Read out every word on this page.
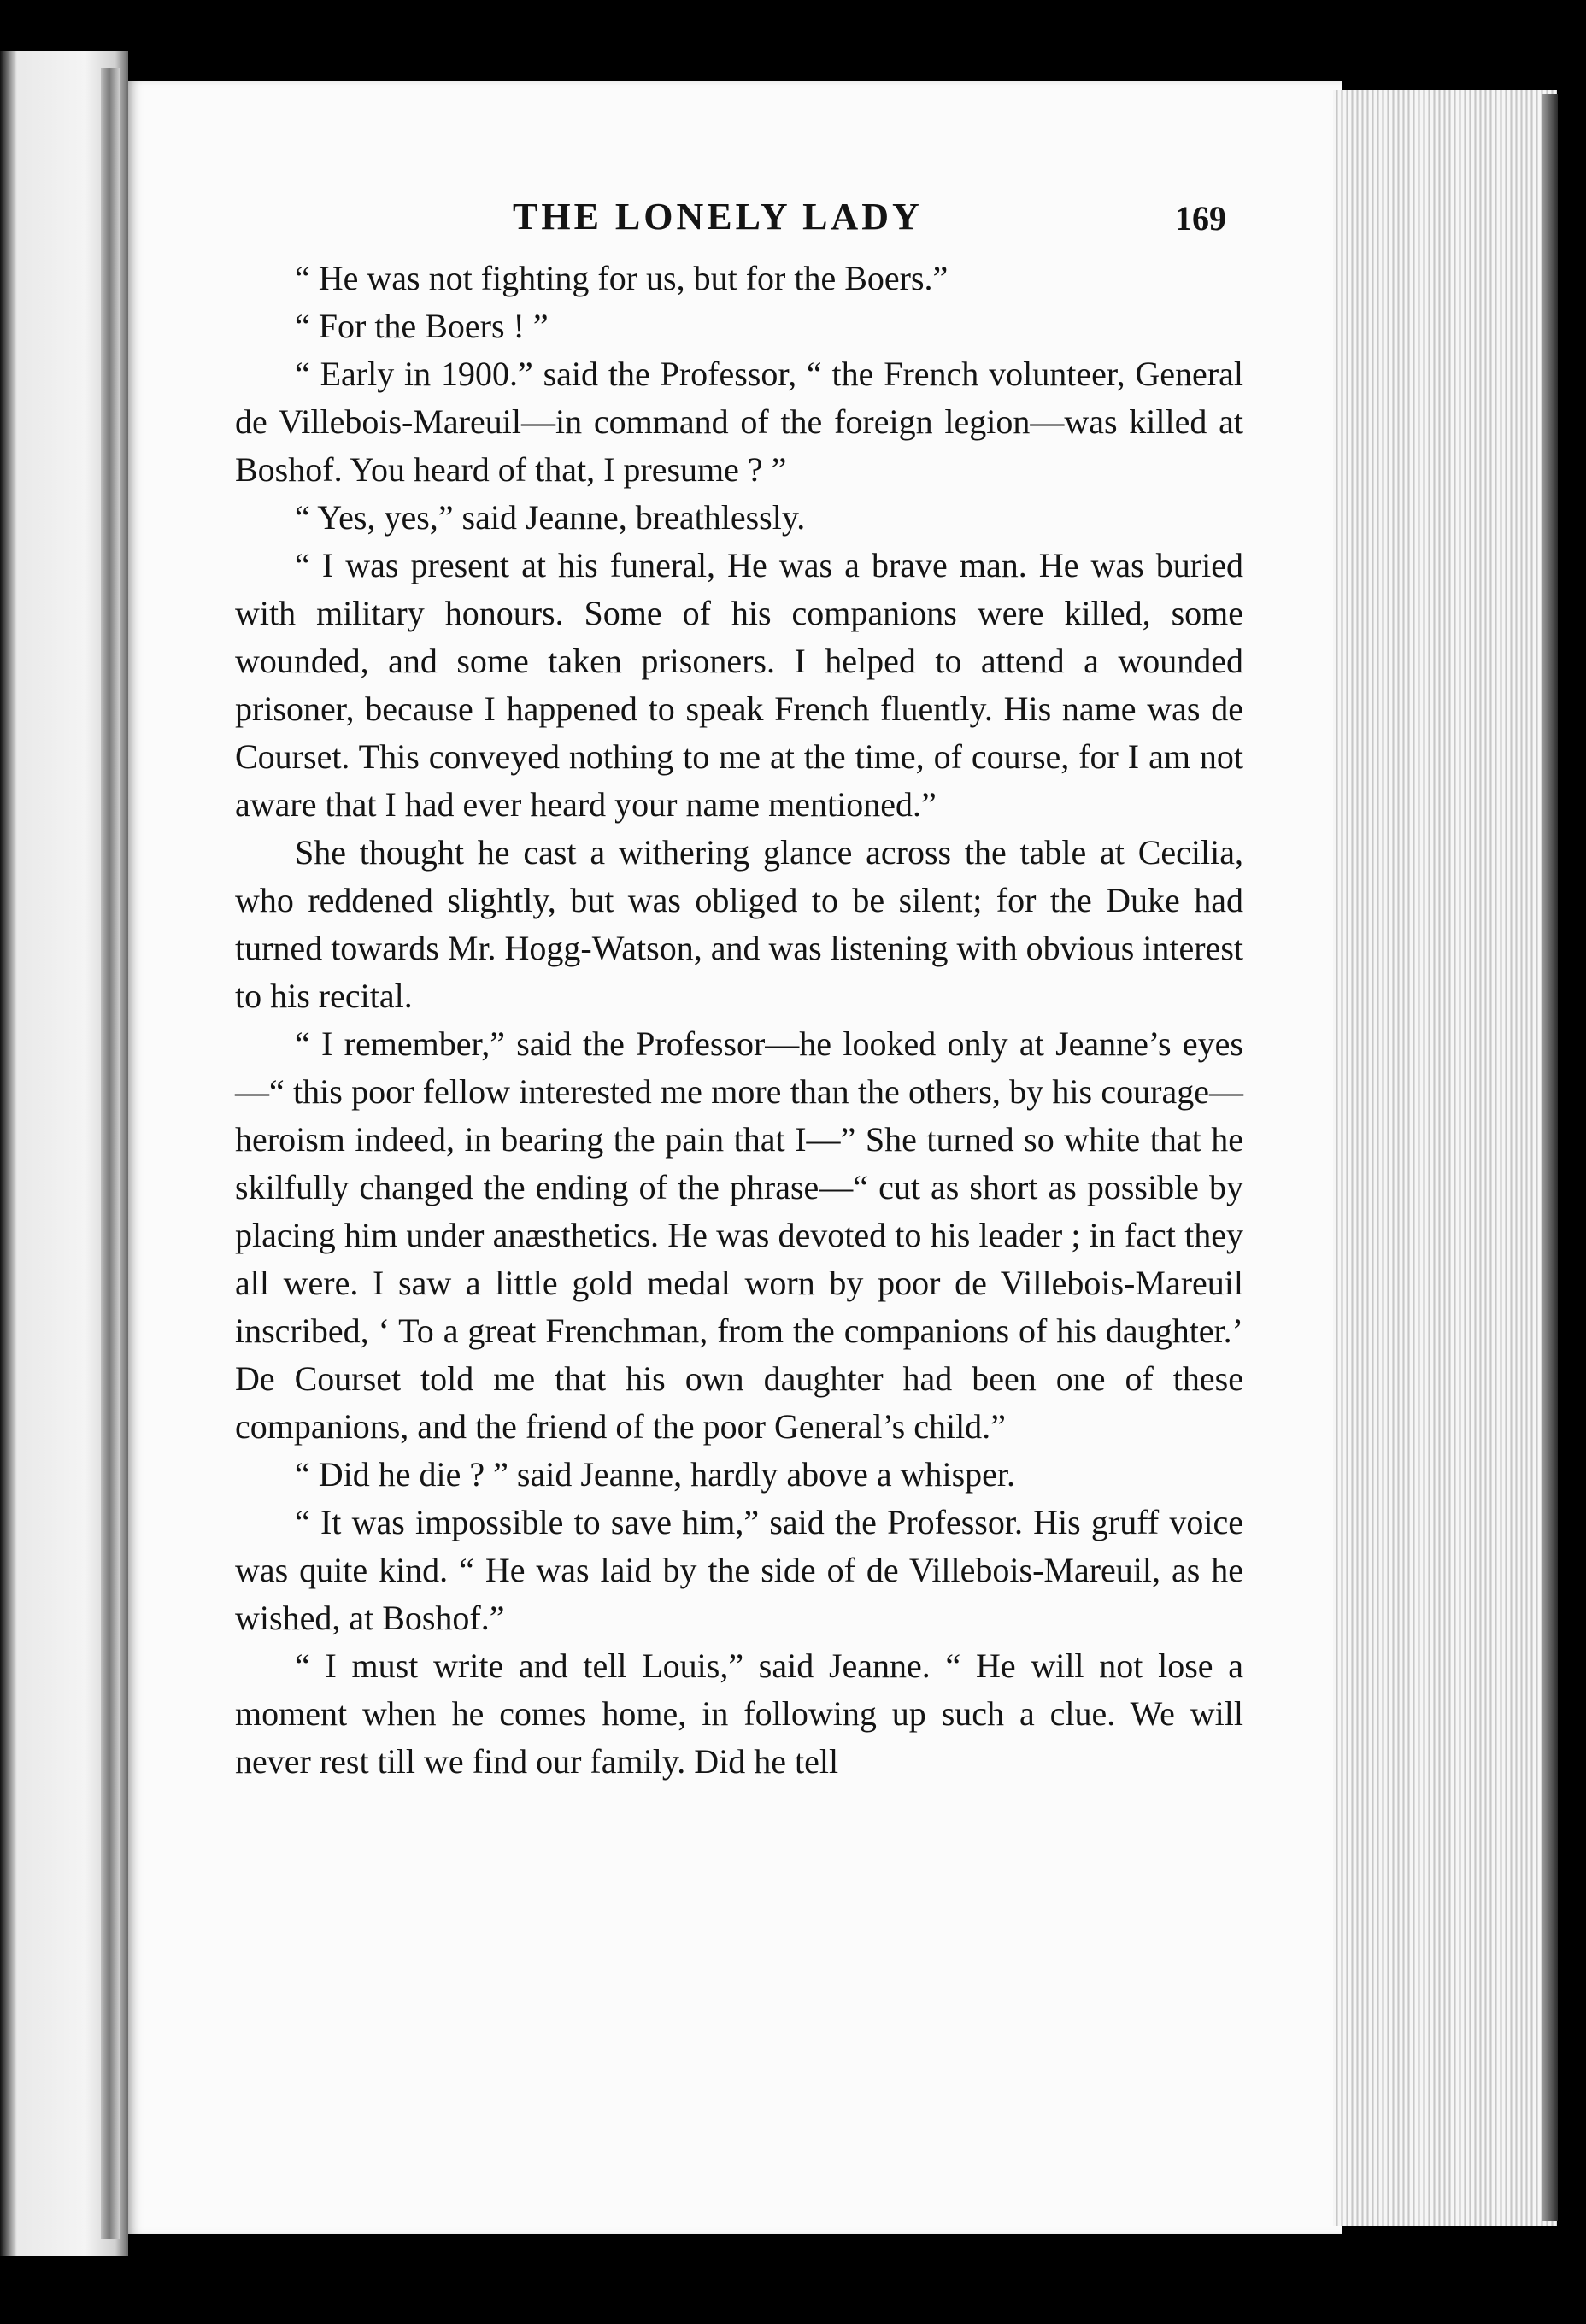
THE LONELY LADY	169

“ He was not fighting for us, but for the Boers.”

“ For the Boers ! ”

“ Early in 1900.” said the Professor, “ the French volunteer, General de Villebois-Mareuil—in command of the foreign legion—was killed at Boshof. You heard of that, I presume ? ”

“ Yes, yes,” said Jeanne, breathlessly.

“ I was present at his funeral, He was a brave man. He was buried with military honours. Some of his companions were killed, some wounded, and some taken prisoners. I helped to attend a wounded prisoner, because I happened to speak French fluently. His name was de Courset. This conveyed nothing to me at the time, of course, for I am not aware that I had ever heard your name mentioned.”

She thought he cast a withering glance across the table at Cecilia, who reddened slightly, but was obliged to be silent; for the Duke had turned towards Mr. Hogg-Watson, and was listening with obvious interest to his recital.

“ I remember,” said the Professor—he looked only at Jeanne’s eyes—“ this poor fellow interested me more than the others, by his courage—heroism indeed, in bearing the pain that I—” She turned so white that he skilfully changed the ending of the phrase—“ cut as short as possible by placing him under anæsthetics. He was devoted to his leader ; in fact they all were. I saw a little gold medal worn by poor de Villebois-Mareuil inscribed, ‘ To a great Frenchman, from the companions of his daughter.’ De Courset told me that his own daughter had been one of these companions, and the friend of the poor General’s child.”

“ Did he die ? ” said Jeanne, hardly above a whisper.

“ It was impossible to save him,” said the Professor. His gruff voice was quite kind. “ He was laid by the side of de Villebois-Mareuil, as he wished, at Boshof.”

“ I must write and tell Louis,” said Jeanne. “ He will not lose a moment when he comes home, in following up such a clue. We will never rest till we find our family. Did he tell
